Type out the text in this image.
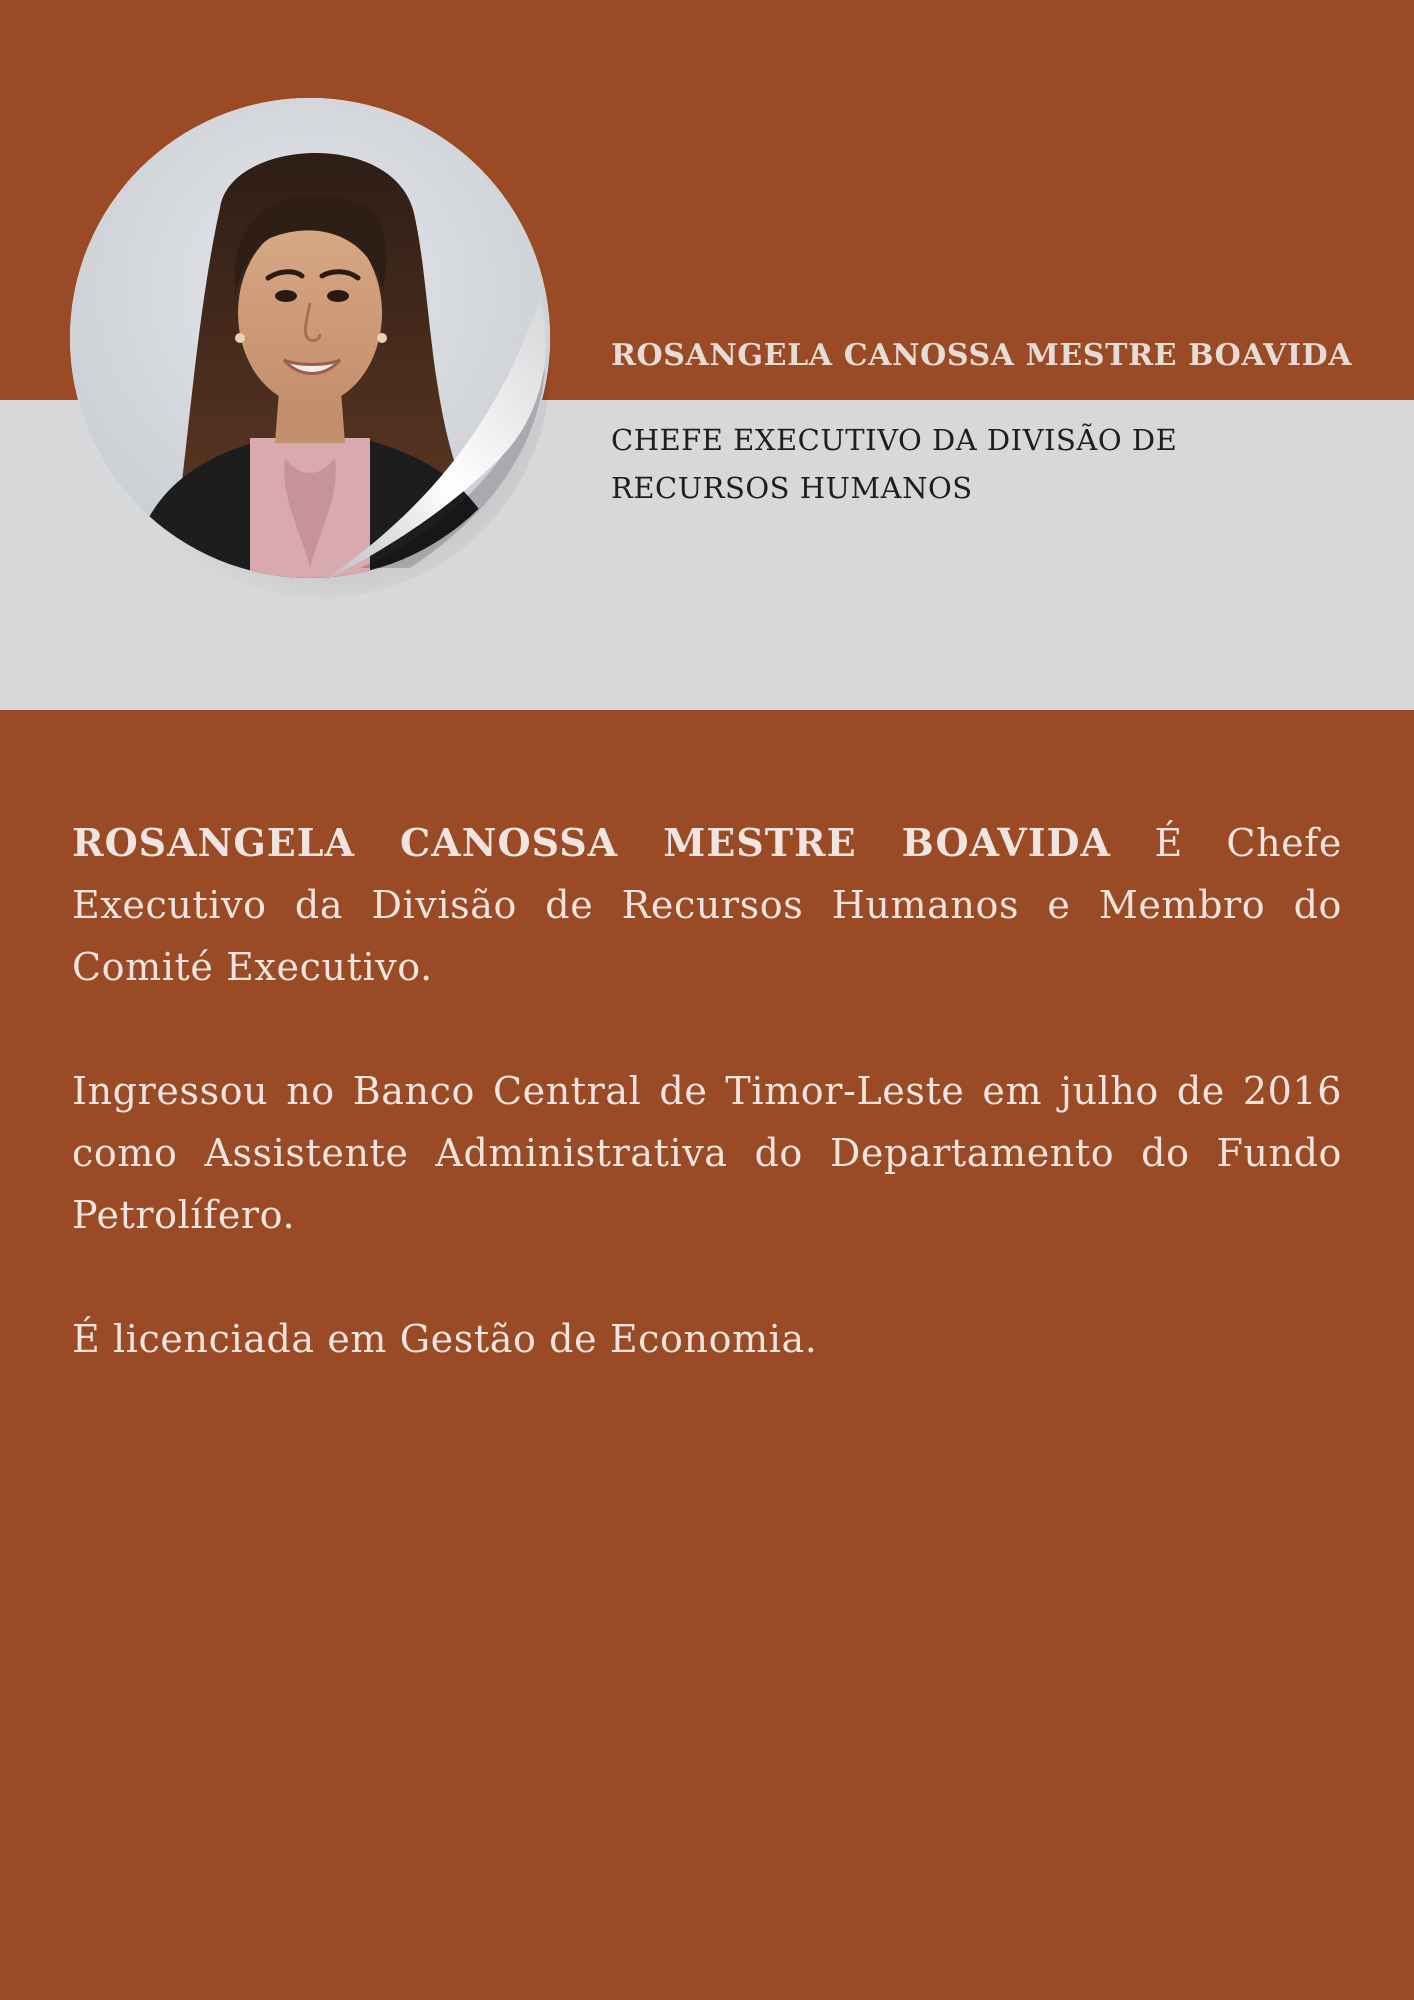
ROSANGELA CANOSSA MESTRE BOAVIDA
CHEFE EXECUTIVO DA DIVISÃO DE
RECURSOS HUMANOS

ROSANGELA CANOSSA MESTRE BOAVIDA É Chefe Executivo da Divisão de Recursos Humanos e Membro do Comité Executivo.

Ingressou no Banco Central de Timor-Leste em julho de 2016 como Assistente Administrativa do Departamento do Fundo Petrolífero.

É licenciada em Gestão de Economia.
